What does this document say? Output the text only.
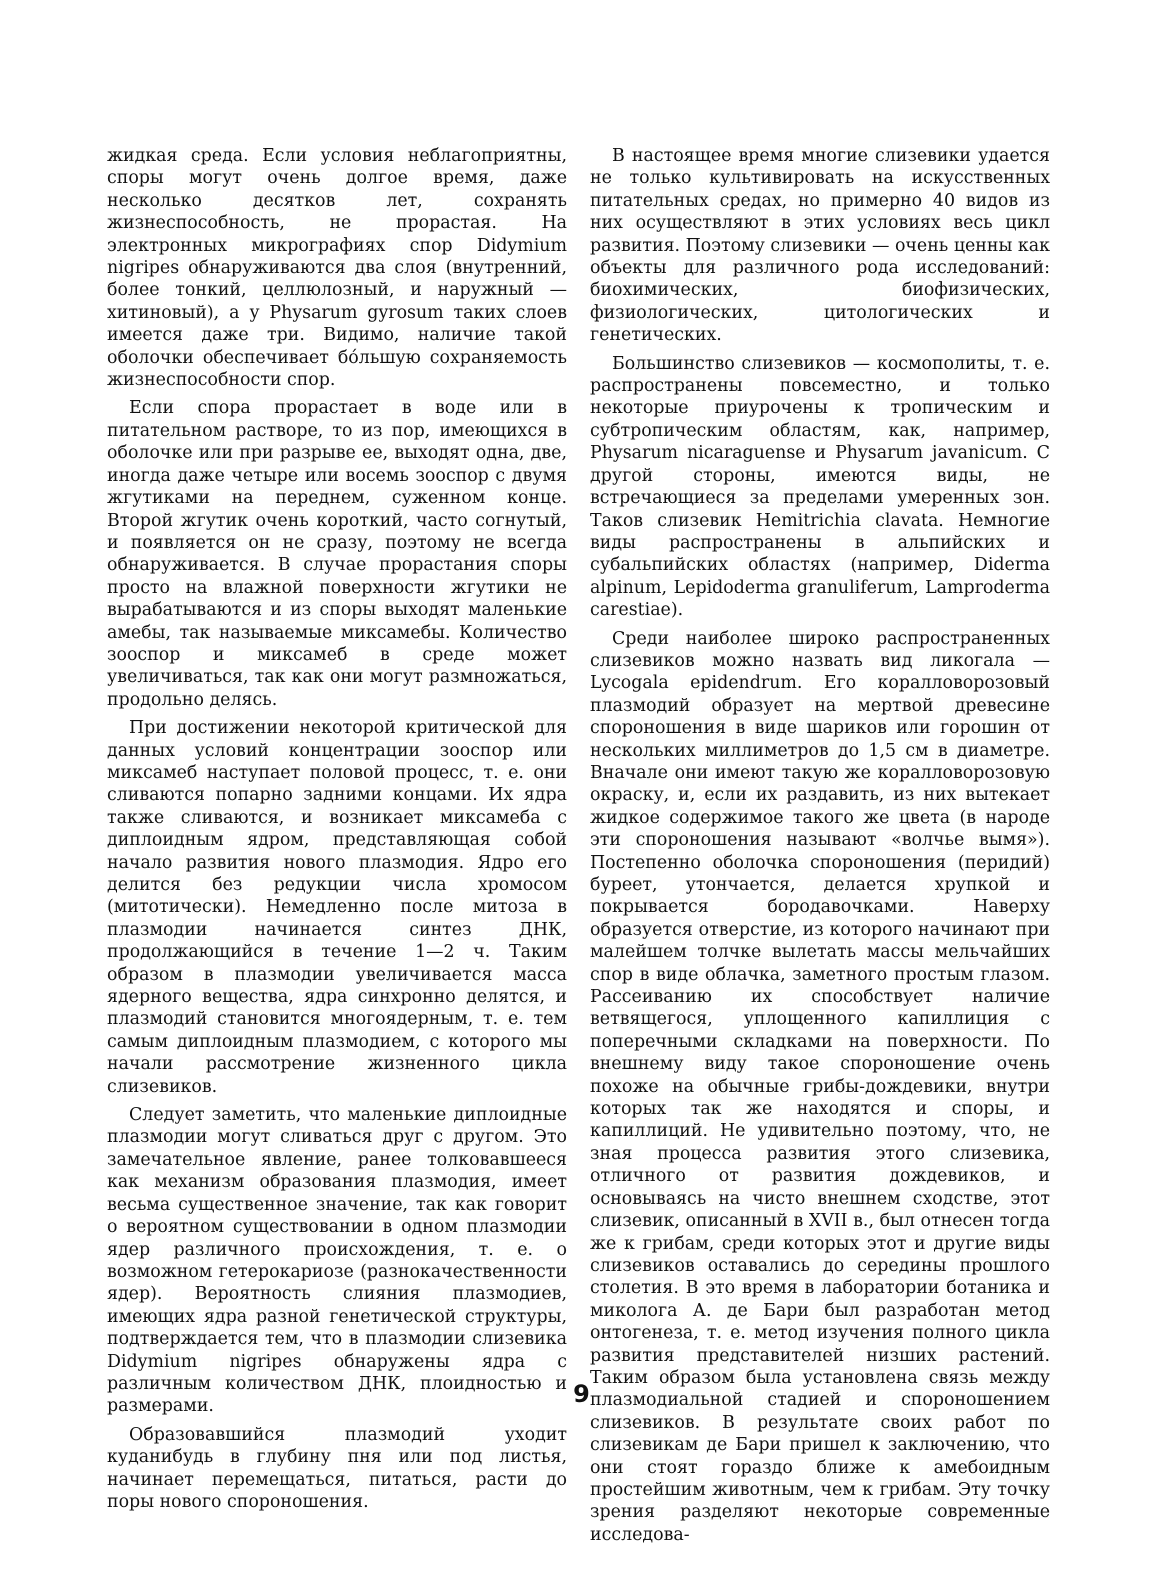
жидкая среда. Если условия неблагоприятны, споры могут очень долгое время, даже несколько десятков лет, сохранять жизнеспособность, не прорастая. На электронных микрографиях спор Didymium nigripes обнаруживаются два слоя (внутренний, более тонкий, целлюлозный, и наружный — хитиновый), а у Physarum gyrosum таких слоев имеется даже три. Видимо, наличие такой оболочки обеспечивает бо́льшую сохраняемость жизнеспособности спор.

Если спора прорастает в воде или в питательном растворе, то из пор, имеющихся в оболочке или при разрыве ее, выходят одна, две, иногда даже четыре или восемь зооспор с двумя жгутиками на переднем, суженном конце. Второй жгутик очень короткий, часто согнутый, и появляется он не сразу, поэтому не всегда обнаруживается. В случае прорастания споры просто на влажной поверхности жгутики не вырабатываются и из споры выходят маленькие амебы, так называемые миксамебы. Количество зооспор и миксамеб в среде может увеличиваться, так как они могут размножаться, продольно делясь.

При достижении некоторой критической для данных условий концентрации зооспор или миксамеб наступает половой процесс, т. е. они сливаются попарно задними концами. Их ядра также сливаются, и возникает миксамеба с диплоидным ядром, представляющая собой начало развития нового плазмодия. Ядро его делится без редукции числа хромосом (митотически). Немедленно после митоза в плазмодии начинается синтез ДНК, продолжающийся в течение 1—2 ч. Таким образом в плазмодии увеличивается масса ядерного вещества, ядра синхронно делятся, и плазмодий становится многоядерным, т. е. тем самым диплоидным плазмодием, с которого мы начали рассмотрение жизненного цикла слизевиков.

Следует заметить, что маленькие диплоидные плазмодии могут сливаться друг с другом. Это замечательное явление, ранее толковавшееся как механизм образования плазмодия, имеет весьма существенное значение, так как говорит о вероятном существовании в одном плазмодии ядер различного происхождения, т. е. о возможном гетерокариозе (разнокачественности ядер). Вероятность слияния плазмодиев, имеющих ядра разной генетической структуры, подтверждается тем, что в плазмодии слизевика Didymium nigripes обнаружены ядра с различным количеством ДНК, плоидностью и размерами.

Образовавшийся плазмодий уходит куданибудь в глубину пня или под листья, начинает перемещаться, питаться, расти до поры нового спороношения.

В настоящее время многие слизевики удается не только культивировать на искусственных питательных средах, но примерно 40 видов из них осуществляют в этих условиях весь цикл развития. Поэтому слизевики — очень ценны как объекты для различного рода исследований: биохимических, биофизических, физиологических, цитологических и генетических.

Большинство слизевиков — космополиты, т. е. распространены повсеместно, и только некоторые приурочены к тропическим и субтропическим областям, как, например, Physarum nicaraguense и Physarum javanicum. С другой стороны, имеются виды, не встречающиеся за пределами умеренных зон. Таков слизевик Hemitrichia clavata. Немногие виды распространены в альпийских и субальпийских областях (например, Diderma alpinum, Lepidoderma granuliferum, Lamproderma carestiae).

Среди наиболее широко распространенных слизевиков можно назвать вид ликогала — Lycogala epidendrum. Его коралловорозовый плазмодий образует на мертвой древесине спороношения в виде шариков или горошин от нескольких миллиметров до 1,5 см в диаметре. Вначале они имеют такую же коралловорозовую окраску, и, если их раздавить, из них вытекает жидкое содержимое такого же цвета (в народе эти спороношения называют «волчье вымя»). Постепенно оболочка спороношения (перидий) буреет, утончается, делается хрупкой и покрывается бородавочками. Наверху образуется отверстие, из которого начинают при малейшем толчке вылетать массы мельчайших спор в виде облачка, заметного простым глазом. Рассеиванию их способствует наличие ветвящегося, уплощенного капиллиция с поперечными складками на поверхности. По внешнему виду такое спороношение очень похоже на обычные грибы-дождевики, внутри которых так же находятся и споры, и капиллиций. Не удивительно поэтому, что, не зная процесса развития этого слизевика, отличного от развития дождевиков, и основываясь на чисто внешнем сходстве, этот слизевик, описанный в XVII в., был отнесен тогда же к грибам, среди которых этот и другие виды слизевиков оставались до середины прошлого столетия. В это время в лаборатории ботаника и миколога А. де Бари был разработан метод онтогенеза, т. е. метод изучения полного цикла развития представителей низших растений. Таким образом была установлена связь между плазмодиальной стадией и спороношением слизевиков. В результате своих работ по слизевикам де Бари пришел к заключению, что они стоят гораздо ближе к амебоидным простейшим животным, чем к грибам. Эту точку зрения разделяют некоторые современные исследова-

9
